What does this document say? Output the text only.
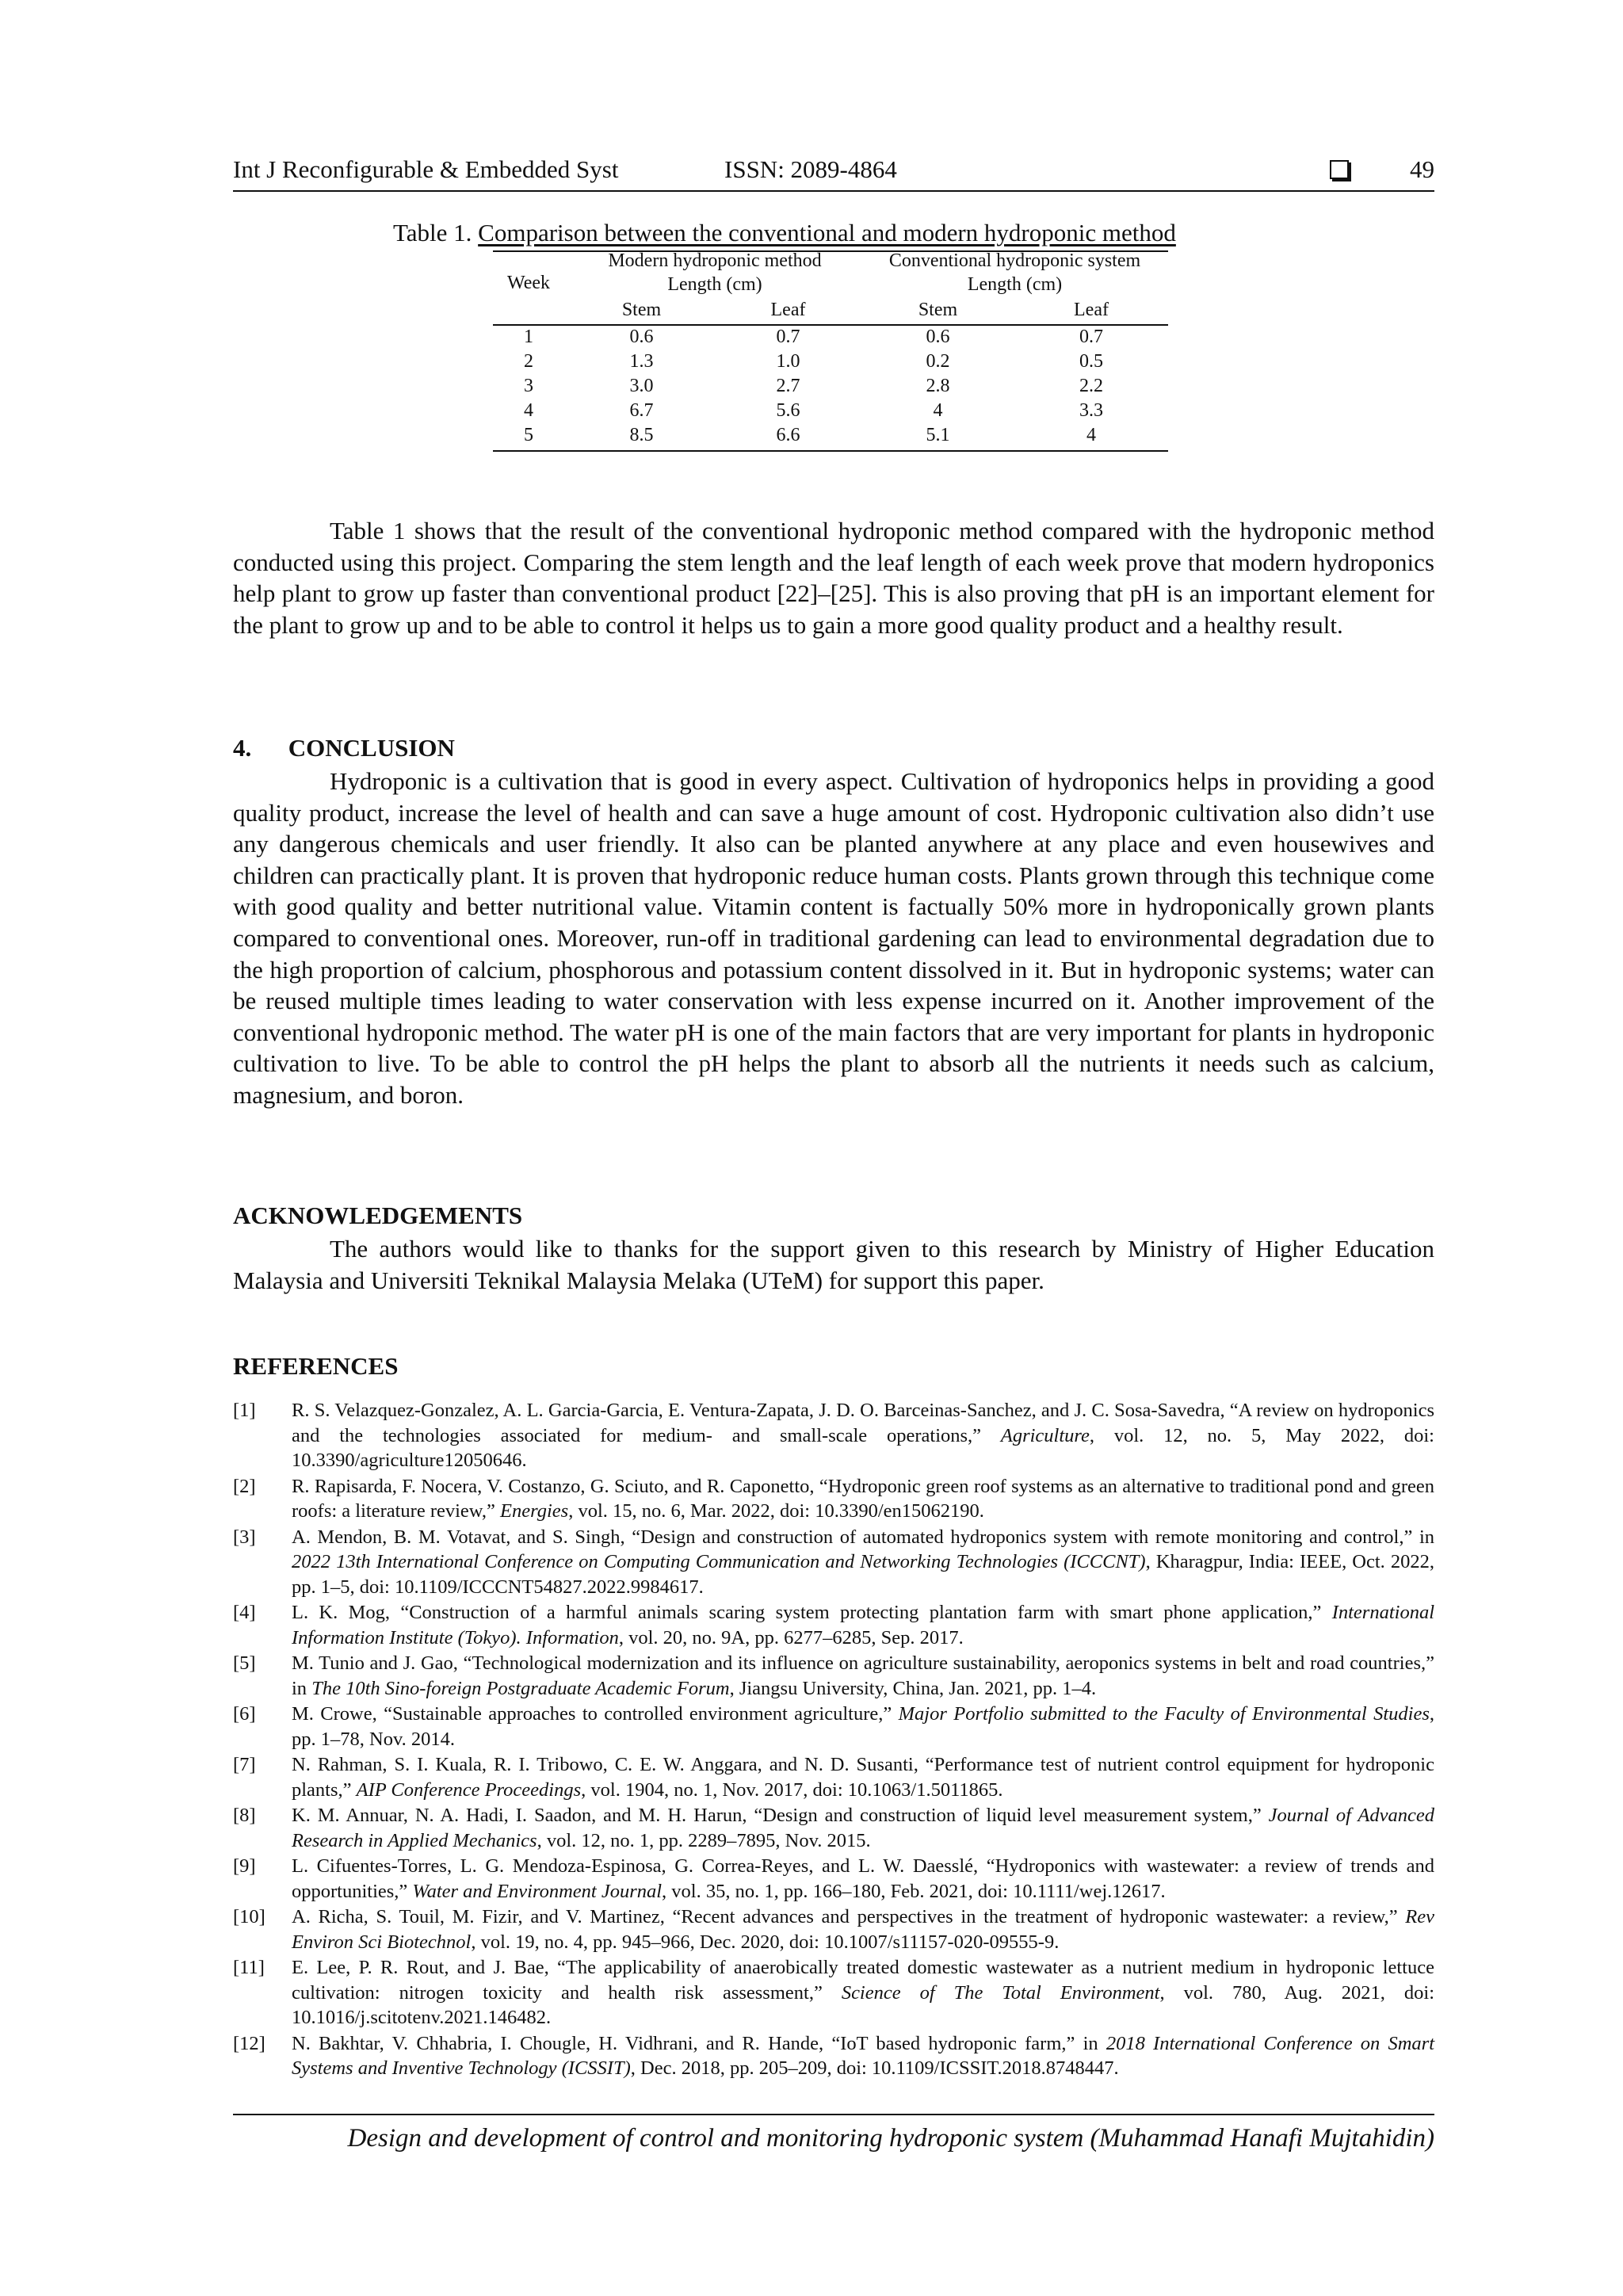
Int J Reconfigurable & Embedded Syst	ISSN: 2089-4864	49
Table 1. Comparison between the conventional and modern hydroponic method
Week
Modern hydroponic method	Conventional hydroponic system
Length (cm)	Length (cm)
Stem	Leaf	Stem	Leaf
1	0.6	0.7	0.6	0.7
2	1.3	1.0	0.2	0.5
3	3.0	2.7	2.8	2.2
4	6.7	5.6	4	3.3
5	8.5	6.6	5.1	4
Table 1 shows that the result of the conventional hydroponic method compared with the hydroponic method conducted using this project. Comparing the stem length and the leaf length of each week prove that modern hydroponics help plant to grow up faster than conventional product [22]–[25]. This is also proving that pH is an important element for the plant to grow up and to be able to control it helps us to gain a more good quality product and a healthy result.
4.      CONCLUSION
Hydroponic is a cultivation that is good in every aspect. Cultivation of hydroponics helps in providing a good quality product, increase the level of health and can save a huge amount of cost. Hydroponic cultivation also didn’t use any dangerous chemicals and user friendly. It also can be planted anywhere at any place and even housewives and children can practically plant. It is proven that hydroponic reduce human costs. Plants grown through this technique come with good quality and better nutritional value. Vitamin content is factually 50% more in hydroponically grown plants compared to conventional ones. Moreover, run-off in traditional gardening can lead to environmental degradation due to the high proportion of calcium, phosphorous and potassium content dissolved in it. But in hydroponic systems; water can be reused multiple times leading to water conservation with less expense incurred on it. Another improvement of the conventional hydroponic method. The water pH is one of the main factors that are very important for plants in hydroponic cultivation to live. To be able to control the pH helps the plant to absorb all the nutrients it needs such as calcium, magnesium, and boron.
ACKNOWLEDGEMENTS
The authors would like to thanks for the support given to this research by Ministry of Higher Education Malaysia and Universiti Teknikal Malaysia Melaka (UTeM) for support this paper.
REFERENCES
[1] R. S. Velazquez-Gonzalez, A. L. Garcia-Garcia, E. Ventura-Zapata, J. D. O. Barceinas-Sanchez, and J. C. Sosa-Savedra, “A review on hydroponics and the technologies associated for medium- and small-scale operations,” Agriculture, vol. 12, no. 5, May 2022, doi: 10.3390/agriculture12050646.
[2] R. Rapisarda, F. Nocera, V. Costanzo, G. Sciuto, and R. Caponetto, “Hydroponic green roof systems as an alternative to traditional pond and green roofs: a literature review,” Energies, vol. 15, no. 6, Mar. 2022, doi: 10.3390/en15062190.
[3] A. Mendon, B. M. Votavat, and S. Singh, “Design and construction of automated hydroponics system with remote monitoring and control,” in 2022 13th International Conference on Computing Communication and Networking Technologies (ICCCNT), Kharagpur, India: IEEE, Oct. 2022, pp. 1–5, doi: 10.1109/ICCCNT54827.2022.9984617.
[4] L. K. Mog, “Construction of a harmful animals scaring system protecting plantation farm with smart phone application,” International Information Institute (Tokyo). Information, vol. 20, no. 9A, pp. 6277–6285, Sep. 2017.
[5] M. Tunio and J. Gao, “Technological modernization and its influence on agriculture sustainability, aeroponics systems in belt and road countries,” in The 10th Sino-foreign Postgraduate Academic Forum, Jiangsu University, China, Jan. 2021, pp. 1–4.
[6] M. Crowe, “Sustainable approaches to controlled environment agriculture,” Major Portfolio submitted to the Faculty of Environmental Studies, pp. 1–78, Nov. 2014.
[7] N. Rahman, S. I. Kuala, R. I. Tribowo, C. E. W. Anggara, and N. D. Susanti, “Performance test of nutrient control equipment for hydroponic plants,” AIP Conference Proceedings, vol. 1904, no. 1, Nov. 2017, doi: 10.1063/1.5011865.
[8] K. M. Annuar, N. A. Hadi, I. Saadon, and M. H. Harun, “Design and construction of liquid level measurement system,” Journal of Advanced Research in Applied Mechanics, vol. 12, no. 1, pp. 2289–7895, Nov. 2015.
[9] L. Cifuentes-Torres, L. G. Mendoza-Espinosa, G. Correa-Reyes, and L. W. Daesslé, “Hydroponics with wastewater: a review of trends and opportunities,” Water and Environment Journal, vol. 35, no. 1, pp. 166–180, Feb. 2021, doi: 10.1111/wej.12617.
[10] A. Richa, S. Touil, M. Fizir, and V. Martinez, “Recent advances and perspectives in the treatment of hydroponic wastewater: a review,” Rev Environ Sci Biotechnol, vol. 19, no. 4, pp. 945–966, Dec. 2020, doi: 10.1007/s11157-020-09555-9.
[11] E. Lee, P. R. Rout, and J. Bae, “The applicability of anaerobically treated domestic wastewater as a nutrient medium in hydroponic lettuce cultivation: nitrogen toxicity and health risk assessment,” Science of The Total Environment, vol. 780, Aug. 2021, doi: 10.1016/j.scitotenv.2021.146482.
[12] N. Bakhtar, V. Chhabria, I. Chougle, H. Vidhrani, and R. Hande, “IoT based hydroponic farm,” in 2018 International Conference on Smart Systems and Inventive Technology (ICSSIT), Dec. 2018, pp. 205–209, doi: 10.1109/ICSSIT.2018.8748447.
Design and development of control and monitoring hydroponic system (Muhammad Hanafi Mujtahidin)
